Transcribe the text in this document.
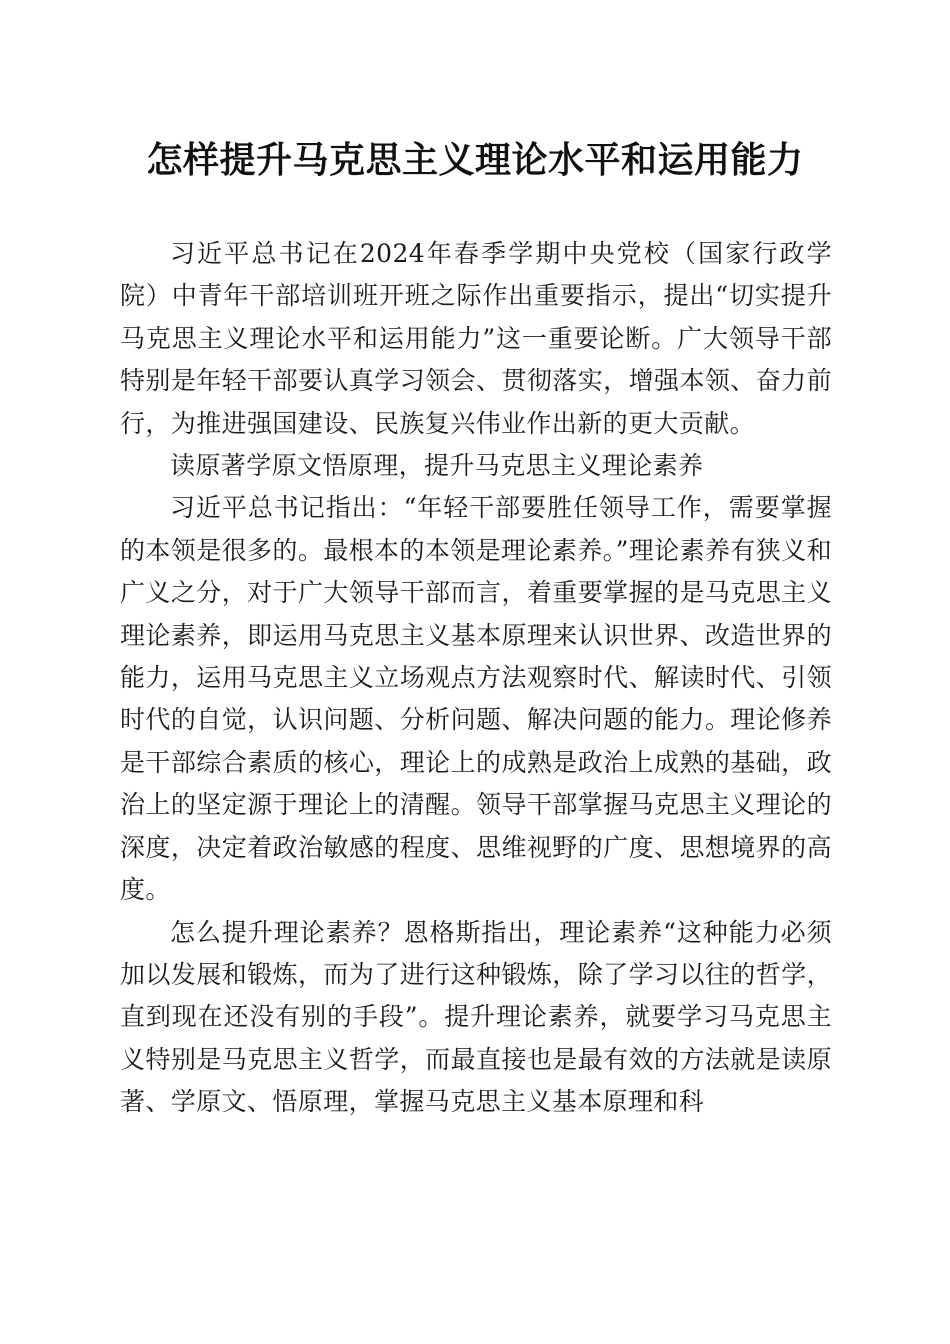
怎样提升马克思主义理论水平和运用能力

习近平总书记在2024年春季学期中央党校（国家行政学院）中青年干部培训班开班之际作出重要指示，提出“切实提升马克思主义理论水平和运用能力”这一重要论断。广大领导干部特别是年轻干部要认真学习领会、贯彻落实，增强本领、奋力前行，为推进强国建设、民族复兴伟业作出新的更大贡献。

读原著学原文悟原理，提升马克思主义理论素养

习近平总书记指出：“年轻干部要胜任领导工作，需要掌握的本领是很多的。最根本的本领是理论素养。”理论素养有狭义和广义之分，对于广大领导干部而言，着重要掌握的是马克思主义理论素养，即运用马克思主义基本原理来认识世界、改造世界的能力，运用马克思主义立场观点方法观察时代、解读时代、引领时代的自觉，认识问题、分析问题、解决问题的能力。理论修养是干部综合素质的核心，理论上的成熟是政治上成熟的基础，政治上的坚定源于理论上的清醒。领导干部掌握马克思主义理论的深度，决定着政治敏感的程度、思维视野的广度、思想境界的高度。

怎么提升理论素养？恩格斯指出，理论素养“这种能力必须加以发展和锻炼，而为了进行这种锻炼，除了学习以往的哲学，直到现在还没有别的手段”。提升理论素养，就要学习马克思主义特别是马克思主义哲学，而最直接也是最有效的方法就是读原著、学原文、悟原理，掌握马克思主义基本原理和科
